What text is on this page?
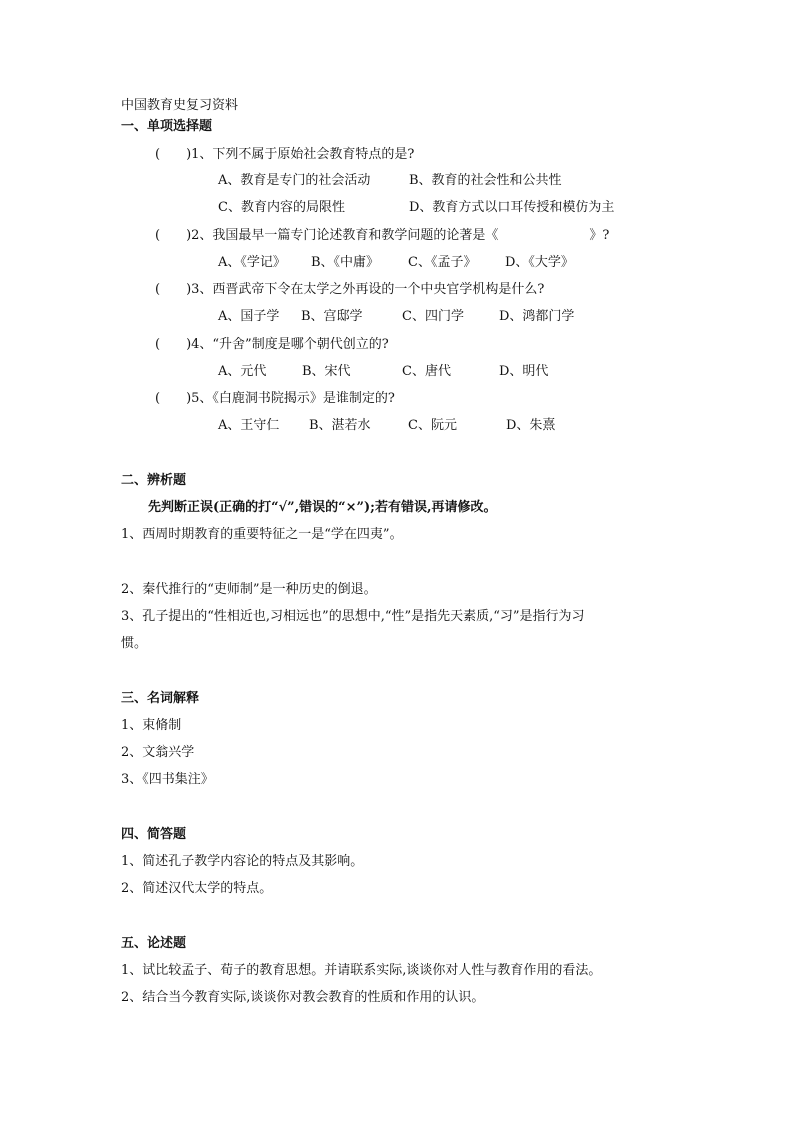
中国教育史复习资料
一、单项选择题
(　　)1、下列不属于原始社会教育特点的是?
A、教育是专门的社会活动	B、教育的社会性和公共性
C、教育内容的局限性	D、教育方式以口耳传授和模仿为主
(　　)2、我国最早一篇专门论述教育和教学问题的论著是《　　　　　　　》?
A、《学记》 B、《中庸》 C、《孟子》 D、《大学》
(　　)3、西晋武帝下令在太学之外再设的一个中央官学机构是什么?
A、国子学 B、宫邸学	C、四门学	D、鸿都门学
(　　)4、“升舍”制度是哪个朝代创立的?
A、元代	B、宋代	C、唐代	D、明代
(　　)5、《白鹿洞书院揭示》是谁制定的?
A、王守仁 B、湛若水	C、阮元	D、朱熹
二、辨析题
先判断正误(正确的打“√”,错误的“×”);若有错误,再请修改。
1、西周时期教育的重要特征之一是“学在四夷”。
2、秦代推行的“吏师制”是一种历史的倒退。
3、孔子提出的“性相近也,习相远也”的思想中,“性”是指先天素质,“习”是指行为习
惯。
三、名词解释
1、束脩制
2、文翁兴学
3、《四书集注》
四、简答题
1、简述孔子教学内容论的特点及其影响。
2、简述汉代太学的特点。
五、论述题
1、试比较孟子、荀子的教育思想。并请联系实际,谈谈你对人性与教育作用的看法。
2、结合当今教育实际,谈谈你对教会教育的性质和作用的认识。
